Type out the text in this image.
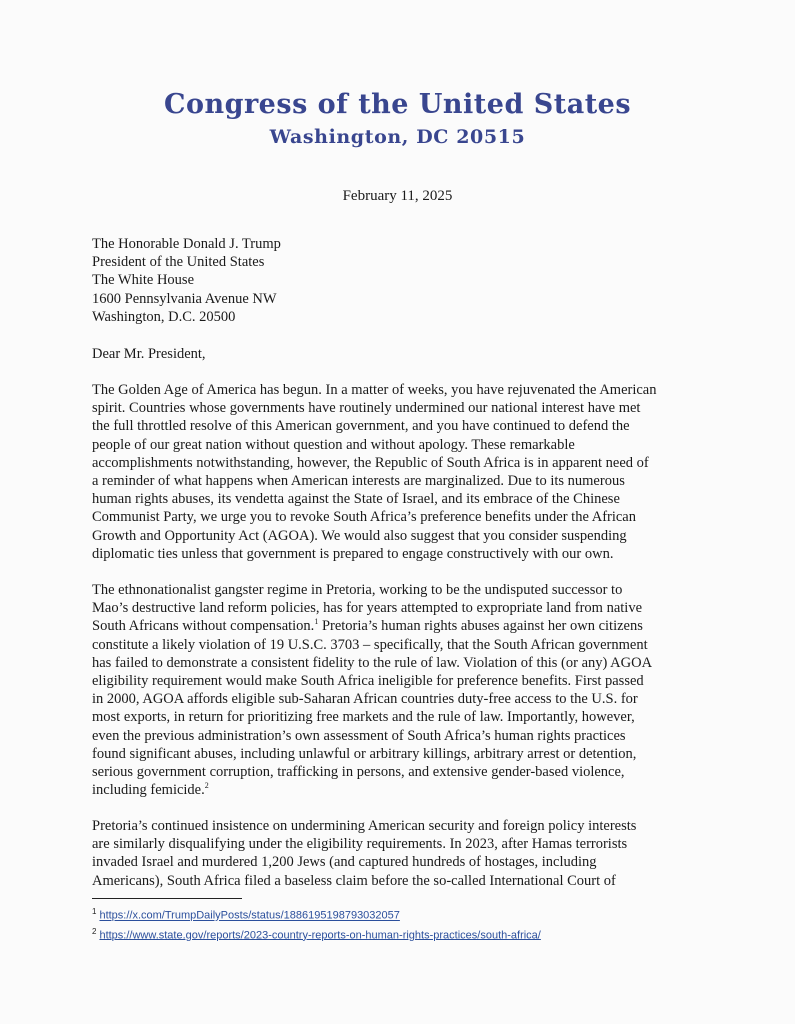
Congress of the United States
Washington, DC 20515
February 11, 2025
The Honorable Donald J. Trump
President of the United States
The White House
1600 Pennsylvania Avenue NW
Washington, D.C. 20500
Dear Mr. President,
The Golden Age of America has begun. In a matter of weeks, you have rejuvenated the American
spirit. Countries whose governments have routinely undermined our national interest have met
the full throttled resolve of this American government, and you have continued to defend the
people of our great nation without question and without apology. These remarkable
accomplishments notwithstanding, however, the Republic of South Africa is in apparent need of
a reminder of what happens when American interests are marginalized. Due to its numerous
human rights abuses, its vendetta against the State of Israel, and its embrace of the Chinese
Communist Party, we urge you to revoke South Africa’s preference benefits under the African
Growth and Opportunity Act (AGOA). We would also suggest that you consider suspending
diplomatic ties unless that government is prepared to engage constructively with our own.
The ethnonationalist gangster regime in Pretoria, working to be the undisputed successor to
Mao’s destructive land reform policies, has for years attempted to expropriate land from native
South Africans without compensation.$^1$ Pretoria’s human rights abuses against her own citizens
constitute a likely violation of 19 U.S.C. 3703 – specifically, that the South African government
has failed to demonstrate a consistent fidelity to the rule of law. Violation of this (or any) AGOA
eligibility requirement would make South Africa ineligible for preference benefits. First passed
in 2000, AGOA affords eligible sub-Saharan African countries duty-free access to the U.S. for
most exports, in return for prioritizing free markets and the rule of law. Importantly, however,
even the previous administration’s own assessment of South Africa’s human rights practices
found significant abuses, including unlawful or arbitrary killings, arbitrary arrest or detention,
serious government corruption, trafficking in persons, and extensive gender-based violence,
including femicide.$^2$
Pretoria’s continued insistence on undermining American security and foreign policy interests
are similarly disqualifying under the eligibility requirements. In 2023, after Hamas terrorists
invaded Israel and murdered 1,200 Jews (and captured hundreds of hostages, including
Americans), South Africa filed a baseless claim before the so-called International Court of
$^1$ https://x.com/TrumpDailyPosts/status/1886195198793032057
$^2$ https://www.state.gov/reports/2023-country-reports-on-human-rights-practices/south-africa/
